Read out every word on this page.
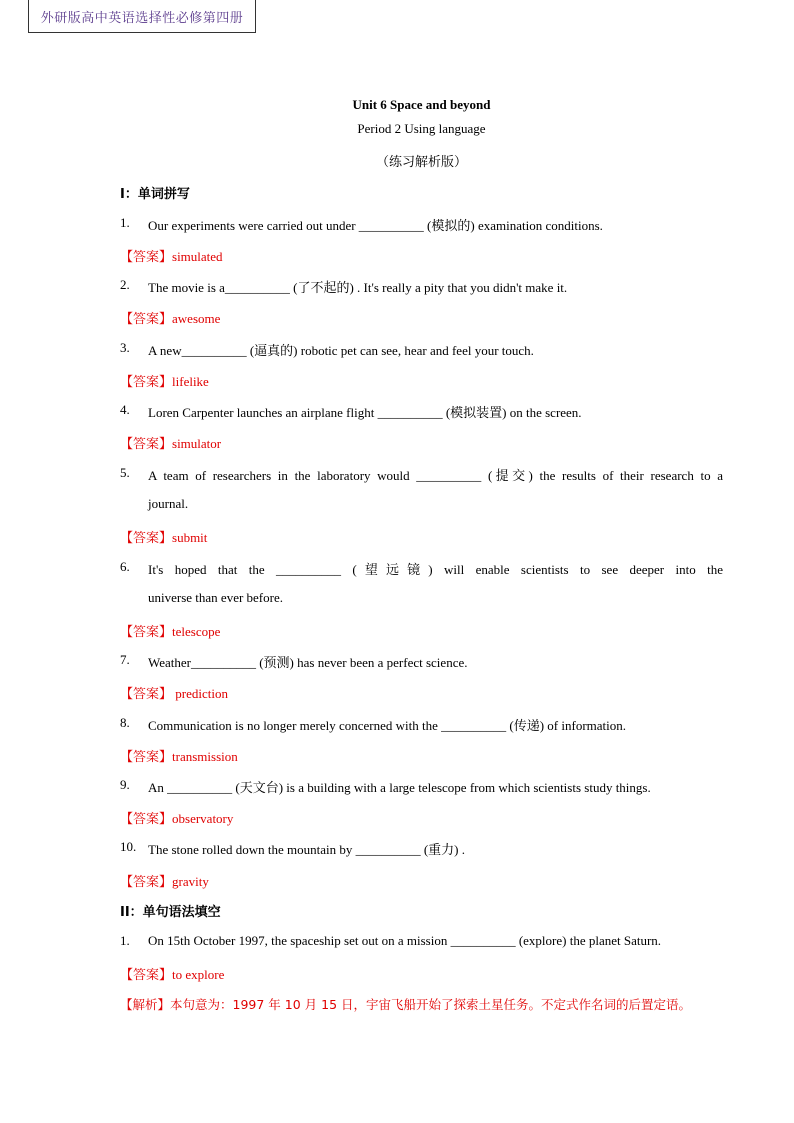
外研版高中英语选择性必修第四册
Unit 6 Space and beyond
Period 2 Using language
（练习解析版）
I：单词拼写
1. Our experiments were carried out under __________ (模拟的) examination conditions.
【答案】simulated
2. The movie is a__________ (了不起的) . It's really a pity that you didn't make it.
【答案】awesome
3. A new__________ (逼真的) robotic pet can see, hear and feel your touch.
【答案】lifelike
4. Loren Carpenter launches an airplane flight __________ (模拟装置) on the screen.
【答案】simulator
5. A team of researchers in the laboratory would __________ (提交) the results of their research to a
journal.
【答案】submit
6. It's hoped that the __________ (望远镜) will enable scientists to see deeper into the
universe than ever before.
【答案】telescope
7. Weather__________ (预测) has never been a perfect science.
【答案】 prediction
8. Communication is no longer merely concerned with the __________ (传递) of information.
【答案】transmission
9. An __________ (天文台) is a building with a large telescope from which scientists study things.
【答案】observatory
10. The stone rolled down the mountain by __________ (重力) .
【答案】gravity
II：单句语法填空
1. On 15th October 1997, the spaceship set out on a mission __________ (explore) the planet Saturn.
【答案】to explore
【解析】本句意为：1997 年 10 月 15 日，宇宙飞船开始了探索土星任务。不定式作名词的后置定语。
